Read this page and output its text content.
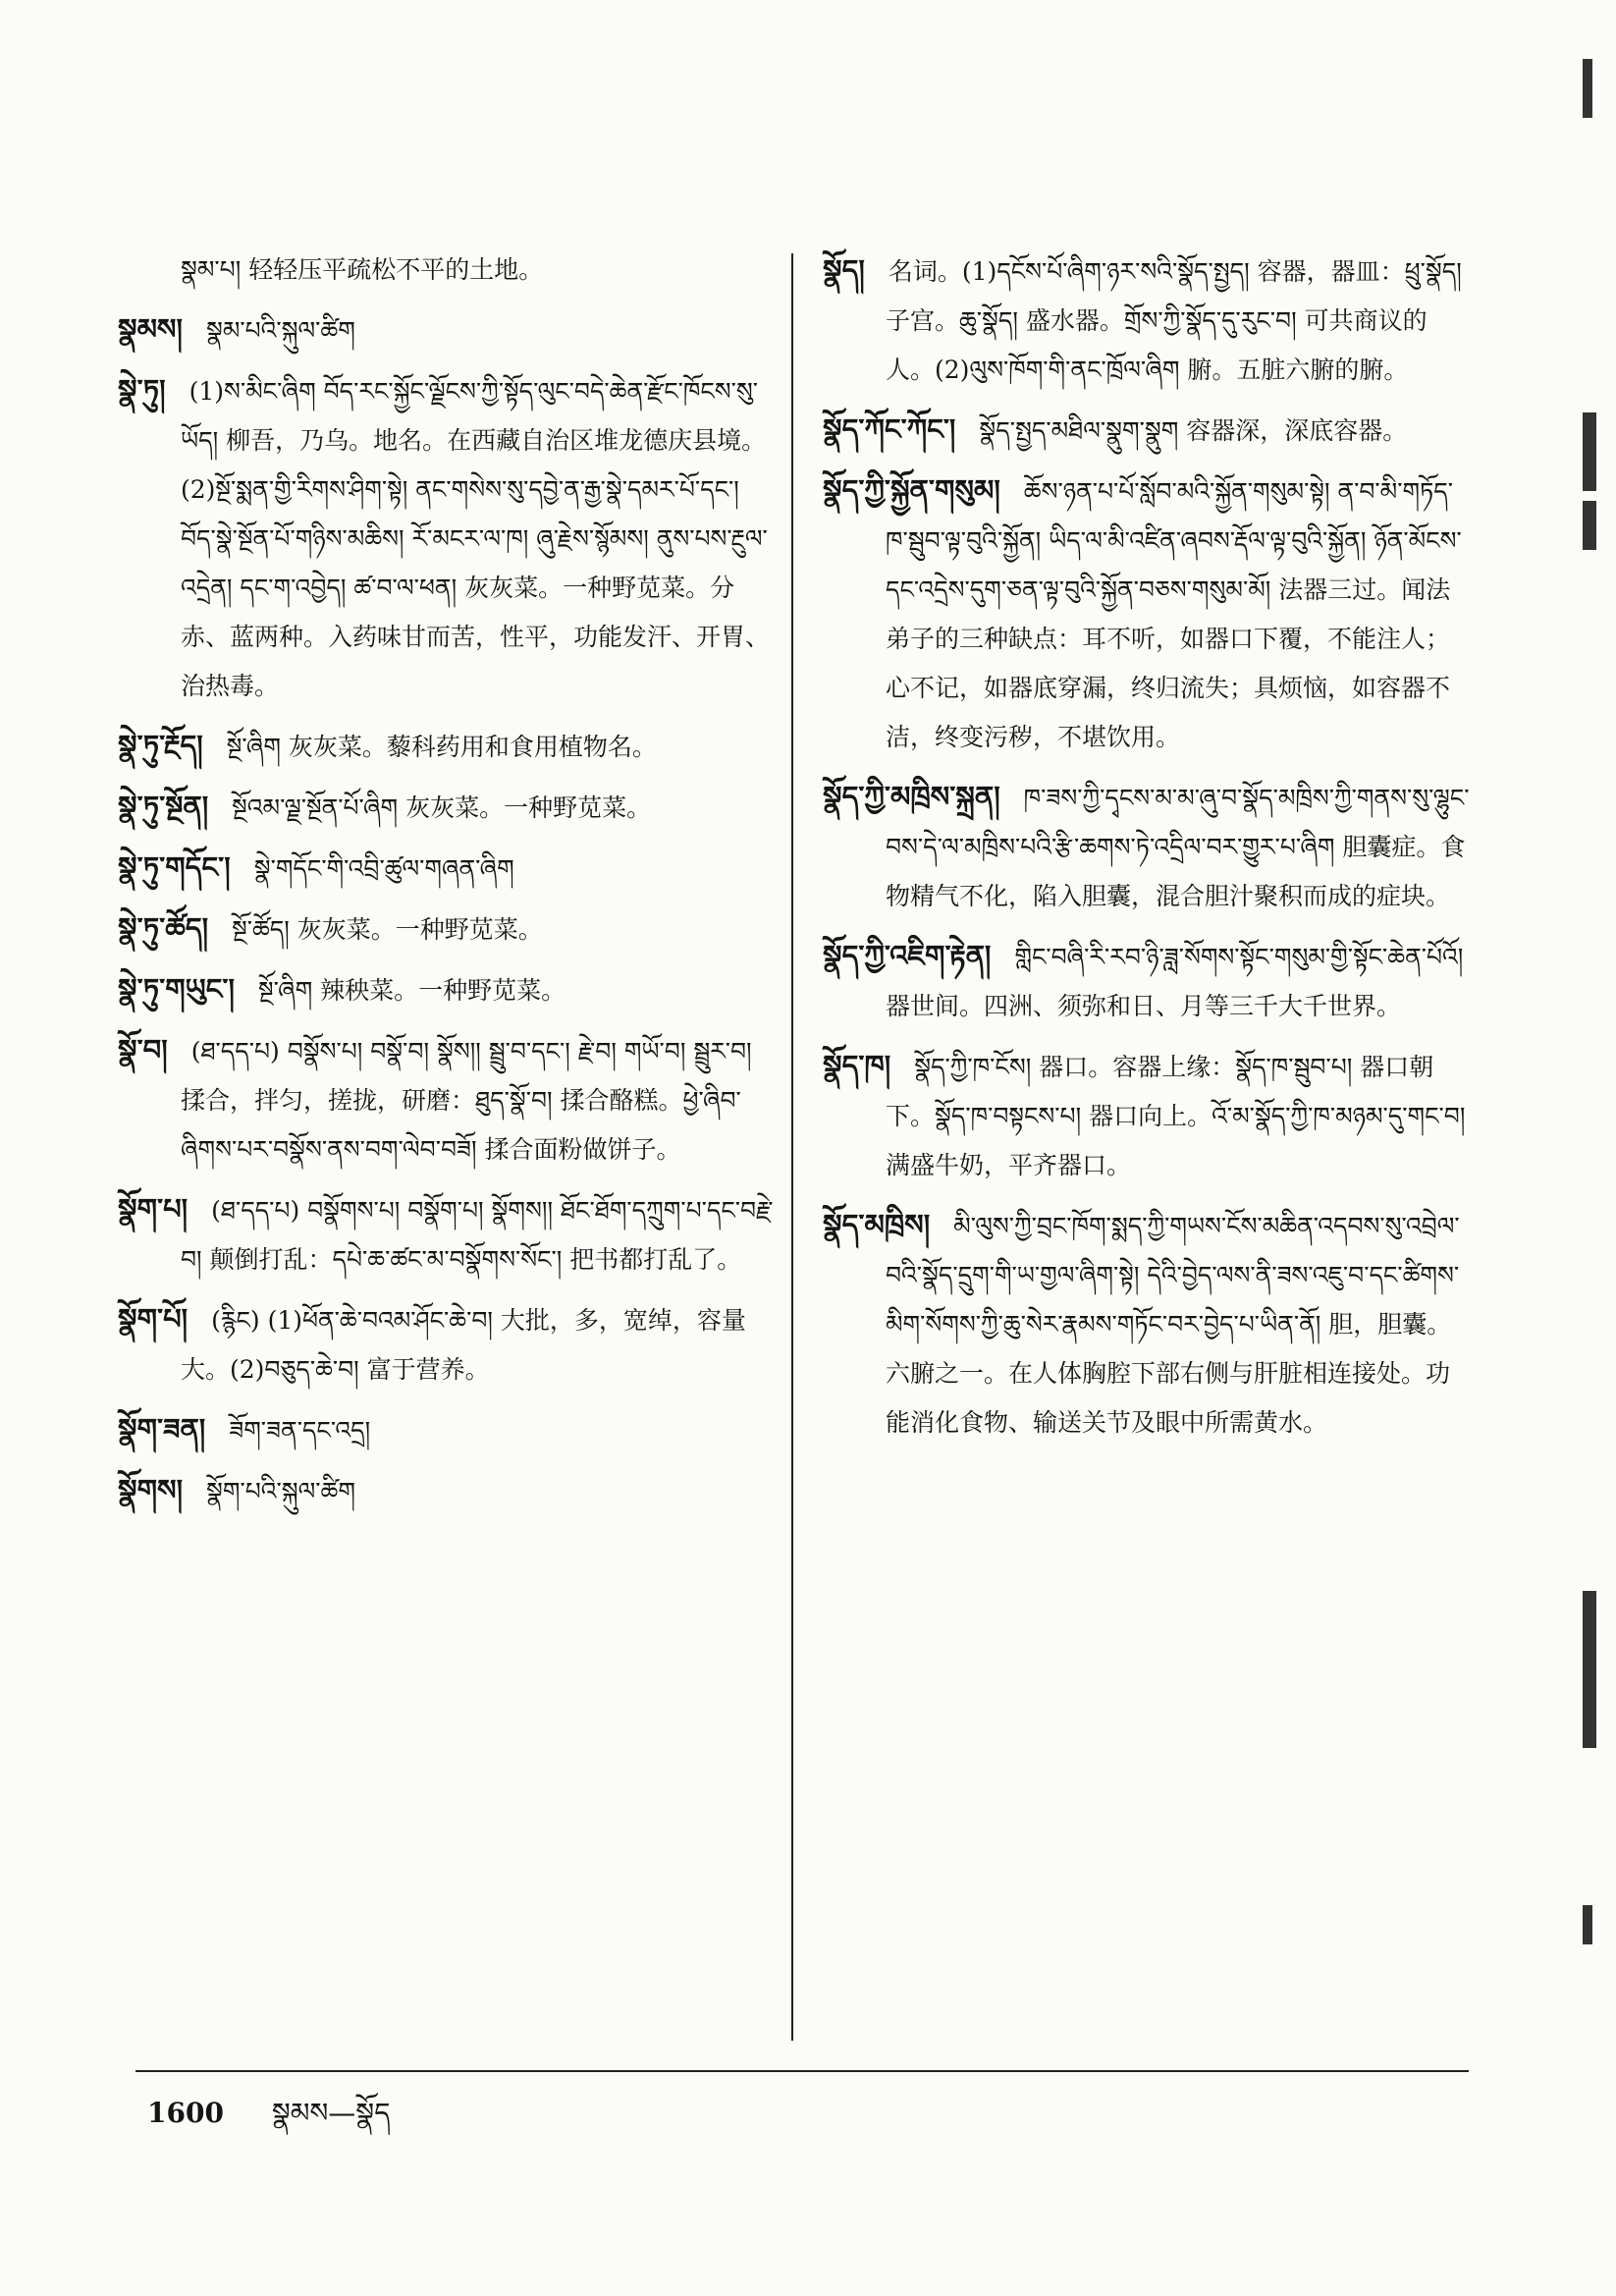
སྣམ་པ། 轻轻压平疏松不平的土地。
སྣམས། སྣམ་པའི་སྐུལ་ཚིག
སྣེ་ཏུ། (1)ས་མིང་ཞིག བོད་རང་སྐྱོང་ལྗོངས་ཀྱི་སྟོད་ལུང་བདེ་ཆེན་རྫོང་ཁོངས་སུ་ཡོད། 柳吾，乃乌。地名。在西藏自治区堆龙德庆县境。(2)སྔོ་སྨན་གྱི་རིགས་ཤིག་སྟེ། ནང་གསེས་སུ་དབྱེ་ན་རྒྱ་སྣེ་དམར་པོ་དང་། བོད་སྣེ་སྔོན་པོ་གཉིས་མཆིས། རོ་མངར་ལ་ཁ། ཞུ་རྗེས་སྙོམས། ནུས་པས་རྔུལ་འདྲེན། དང་ག་འབྱེད། ཚ་བ་ལ་ཕན། 灰灰菜。一种野苋菜。分赤、蓝两种。入药味甘而苦，性平，功能发汗、开胃、治热毒。
སྣེ་ཏུ་རྔོད། སྔོ་ཞིག 灰灰菜。藜科药用和食用植物名。
སྣེ་ཏུ་སྔོན། སྔོའམ་ལྗ་སྔོན་པོ་ཞིག 灰灰菜。一种野苋菜。
སྣེ་ཏུ་གདོང་། སྣེ་གདོང་གི་འབྲི་ཚུལ་གཞན་ཞིག
སྣེ་ཏུ་ཚོད། སྔོ་ཚོད། 灰灰菜。一种野苋菜。
སྣེ་ཏུ་གཡུང་། སྔོ་ཞིག 辣秧菜。一种野苋菜。
སྣོ་བ། (ཐ་དད་པ) བསྣོས་པ། བསྣོ་བ། སྣོས།། སྦྲུ་བ་དང་། རྗེ་བ། གཡོ་བ། སྦྲུར་བ། 揉合，拌匀，搓拢，研磨：ཐུད་སྣོ་བ། 揉合酪糕。ཕྱེ་ཞིབ་ཞིགས་པར་བསྣོས་ནས་བག་ལེབ་བཟོ། 揉合面粉做饼子。
སྣོག་པ། (ཐ་དད་པ) བསྣོགས་པ། བསྣོག་པ། སྣོགས།། ཐོང་ཐོག་དཀྲུག་པ་དང་བརྗེ་བ། 颠倒打乱：དཔེ་ཆ་ཚང་མ་བསྣོགས་སོང་། 把书都打乱了。
སྣོག་པོ། (རྙིང) (1)ཕོན་ཆེ་བའམ་ཤོང་ཆེ་བ། 大批，多，宽绰，容量大。(2)བཅུད་ཆེ་བ། 富于营养。
སྣོག་ཟན། ཟོག་ཟན་དང་འདྲ།
སྣོགས། སྣོག་པའི་སྐུལ་ཚིག
སྣོད། 名词。(1)དངོས་པོ་ཞིག་ཉར་སའི་སྣོད་སྤྱད། 容器，器皿：ཕྲུ་སྣོད། 子宫。ཆུ་སྣོད། 盛水器。གྲོས་ཀྱི་སྣོད་དུ་རུང་བ། 可共商议的人。(2)ལུས་ཁོག་གི་ནང་ཁྲོལ་ཞིག 腑。五脏六腑的腑。
སྣོད་ཀོང་ཀོང་། སྣོད་སྤྱད་མཐིལ་སྣུག་སྣུག 容器深，深底容器。
སྣོད་ཀྱི་སྐྱོན་གསུམ། ཆོས་ཉན་པ་པོ་སློབ་མའི་སྐྱོན་གསུམ་སྟེ། ན་བ་མི་གཏོད་ཁ་སྦུབ་ལྟ་བུའི་སྐྱོན། ཡིད་ལ་མི་འཛིན་ཞབས་རྡོལ་ལྟ་བུའི་སྐྱོན། ཉོན་མོངས་དང་འདྲེས་དུག་ཅན་ལྟ་བུའི་སྐྱོན་བཅས་གསུམ་མོ། 法器三过。闻法弟子的三种缺点：耳不听，如器口下覆，不能注人；心不记，如器底穿漏，终归流失；具烦恼，如容器不洁，终变污秽，不堪饮用。
སྣོད་ཀྱི་མཁྲིས་སྐྲན། ཁ་ཟས་ཀྱི་དྭངས་མ་མ་ཞུ་བ་སྣོད་མཁྲིས་ཀྱི་གནས་སུ་ལྷུང་བས་དེ་ལ་མཁྲིས་པའི་རྩི་ཆགས་ཏེ་འདྲིལ་བར་གྱུར་པ་ཞིག 胆囊症。食物精气不化，陷入胆囊，混合胆汁聚积而成的症块。
སྣོད་ཀྱི་འཇིག་རྟེན། གླིང་བཞི་རི་རབ་ཉི་ཟླ་སོགས་སྟོང་གསུམ་གྱི་སྟོང་ཆེན་པོའོ། 器世间。四洲、须弥和日、月等三千大千世界。
སྣོད་ཁ། སྣོད་ཀྱི་ཁ་ངོས། 器口。容器上缘：སྣོད་ཁ་སྦུབ་པ། 器口朝下。སྣོད་ཁ་བསྟངས་པ། 器口向上。འོ་མ་སྣོད་ཀྱི་ཁ་མཉམ་དུ་གང་བ། 满盛牛奶，平齐器口。
སྣོད་མཁྲིས། མི་ལུས་ཀྱི་བྲང་ཁོག་སྨད་ཀྱི་གཡས་ངོས་མཆིན་འདབས་སུ་འབྲེལ་བའི་སྣོད་དྲུག་གི་ཡ་གྱལ་ཞིག་སྟེ། དེའི་བྱེད་ལས་ནི་ཟས་འཇུ་བ་དང་ཚིགས་མིག་སོགས་ཀྱི་ཆུ་སེར་རྣམས་གཏོང་བར་བྱེད་པ་ཡིན་ནོ། 胆，胆囊。六腑之一。在人体胸腔下部右侧与肝脏相连接处。功能消化食物、输送关节及眼中所需黄水。
1600 སྣམས—སྣོད
